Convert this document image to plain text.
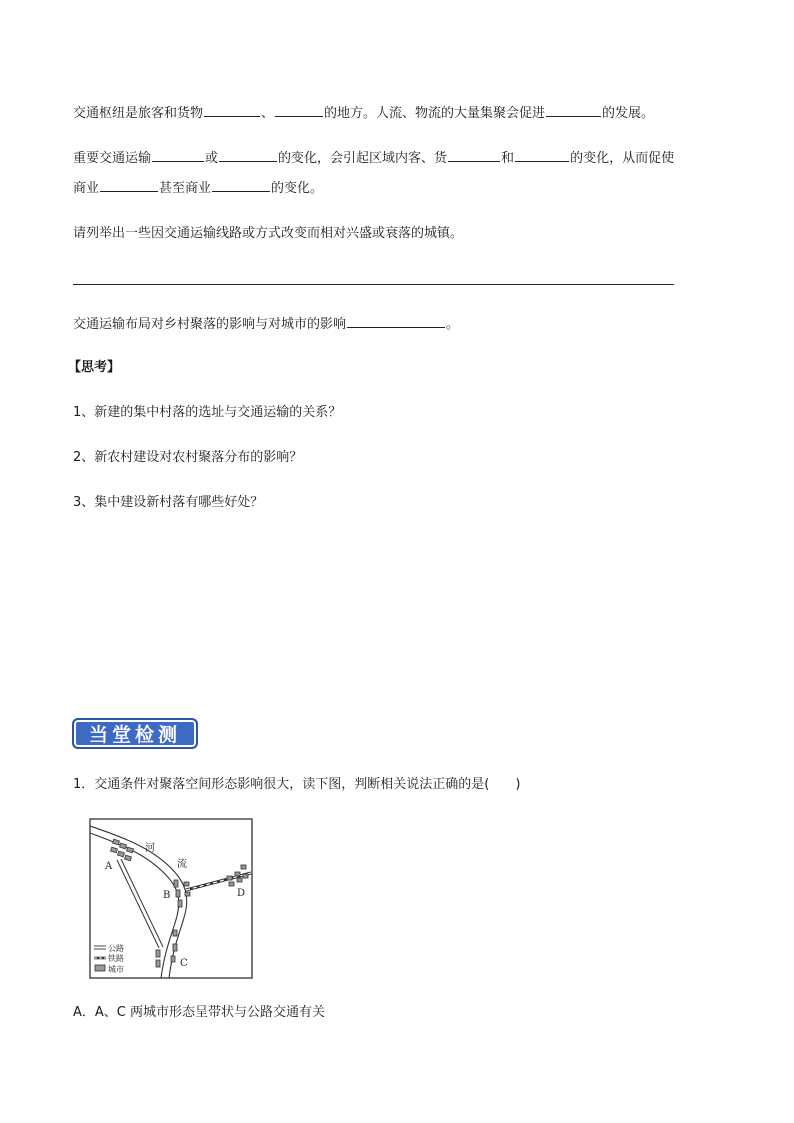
交通枢纽是旅客和货物	、	的地方。人流、物流的大量集聚会促进	的发展。
重要交通运输	或	的变化，会引起区域内客、货	和	的变化，从而促使
商业	甚至商业	的变化。
请列举出一些因交通运输线路或方式改变而相对兴盛或衰落的城镇。
交通运输布局对乡村聚落的影响与对城市的影响	。
【思考】
1、新建的集中村落的选址与交通运输的关系？
2、新农村建设对农村聚落分布的影响？
3、集中建设新村落有哪些好处？
当堂检测
1．交通条件对聚落空间形态影响很大，读下图，判断相关说法正确的是(　　)
河
流
A
B
C
D
公路
铁路
城市
A．A、C 两城市形态呈带状与公路交通有关
